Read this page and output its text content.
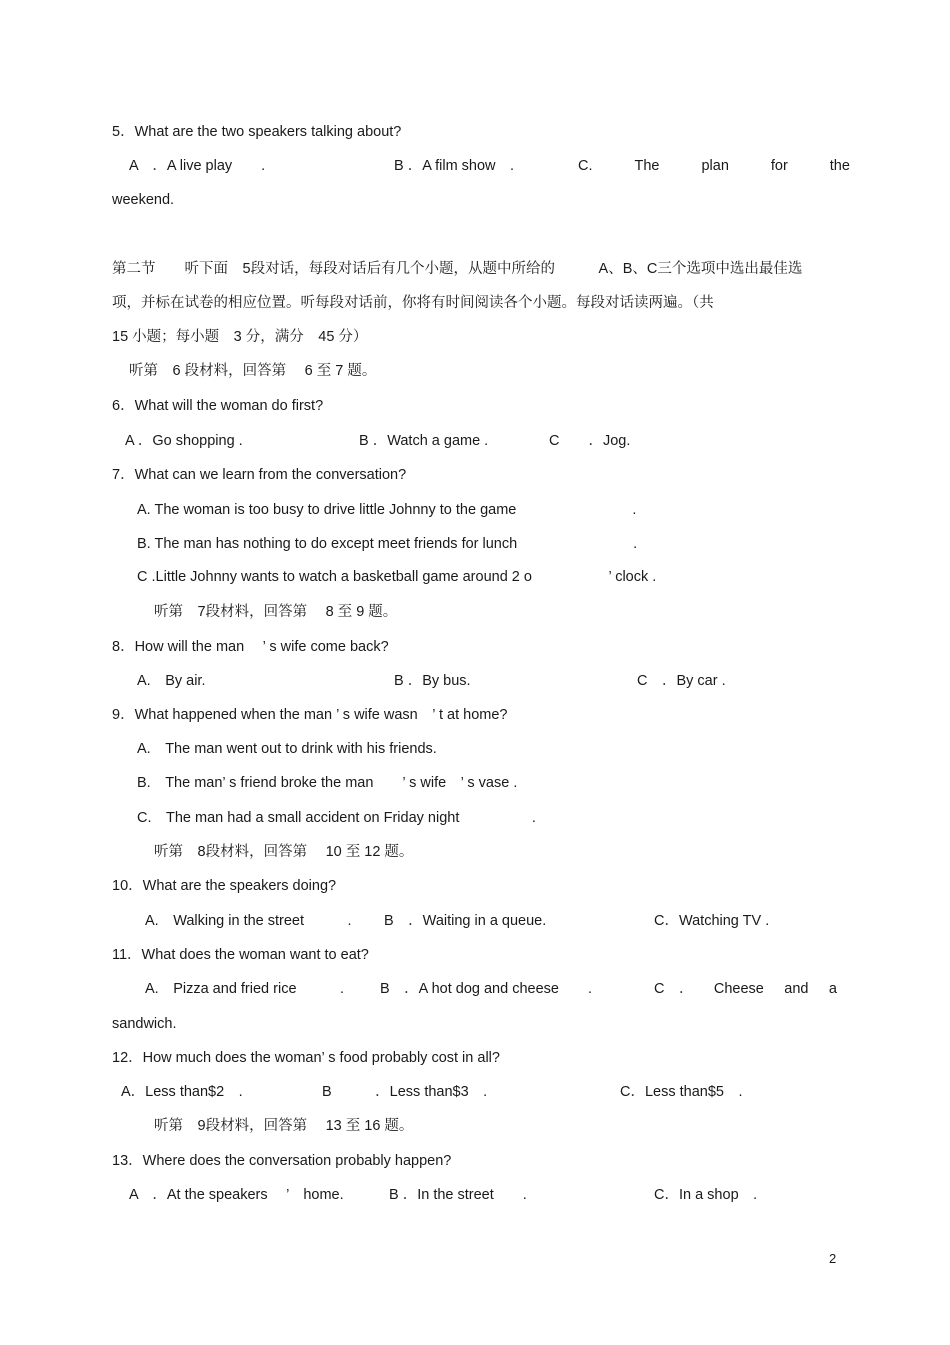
5．What are the two speakers talking about?
A　．A live play　　.	B ．A film show　.	C.	The	plan	for	the
weekend.
第二节　　听下面　5段对话，每段对话后有几个小题，从题中所给的　　　A、B、C三个选项中选出最佳选
项，并标在试卷的相应位置。听每段对话前，你将有时间阅读各个小题。每段对话读两遍。（共
15 小题；每小题　3 分，满分　45 分）
听第　6 段材料，回答第　 6 至 7 题。
6．What will the woman do first?
A ．Go shopping .	B ．Watch a game .	C　　．Jog.
7．What can we learn from the conversation?
A. The woman is too busy to drive little Johnny to the game　　　　　　　　.
B. The man has nothing to do except meet friends for lunch　　　　　　　　.
C .Little Johnny wants to watch a basketball game around 2 o　　　　　 ’ clock .
听第　7段材料，回答第　 8 至 9 题。
8．How will the man　 ’ s wife come back?
A.　By air.	B ．By bus.	C　．By car .
9．What happened when the man ’ s wife wasn　’ t at home?
A.　The man went out to drink with his friends.
B.　The man’ s friend broke the man　　’ s wife　’ s vase .
C.　The man had a small accident on Friday night　　　　　.
听第　8段材料，回答第　 10 至 12 题。
10．What are the speakers doing?
A.　Walking in the street　　　. B　．Waiting in a queue.	C．Watching TV .
11．What does the woman want to eat?
A.　Pizza and fried rice　　　. B　．A hot dog and cheese　　.	C　． Cheese and a
sandwich.
12．How much does the woman’ s food probably cost in all?
A．Less than$2　.	B　　　．Less than$3　.	C．Less than$5　.
听第　9段材料，回答第　 13 至 16 题。
13．Where does the conversation probably happen?
A　．At the speakers　 ’　home.	B ．In the street　　.	C．In a shop　.
2
